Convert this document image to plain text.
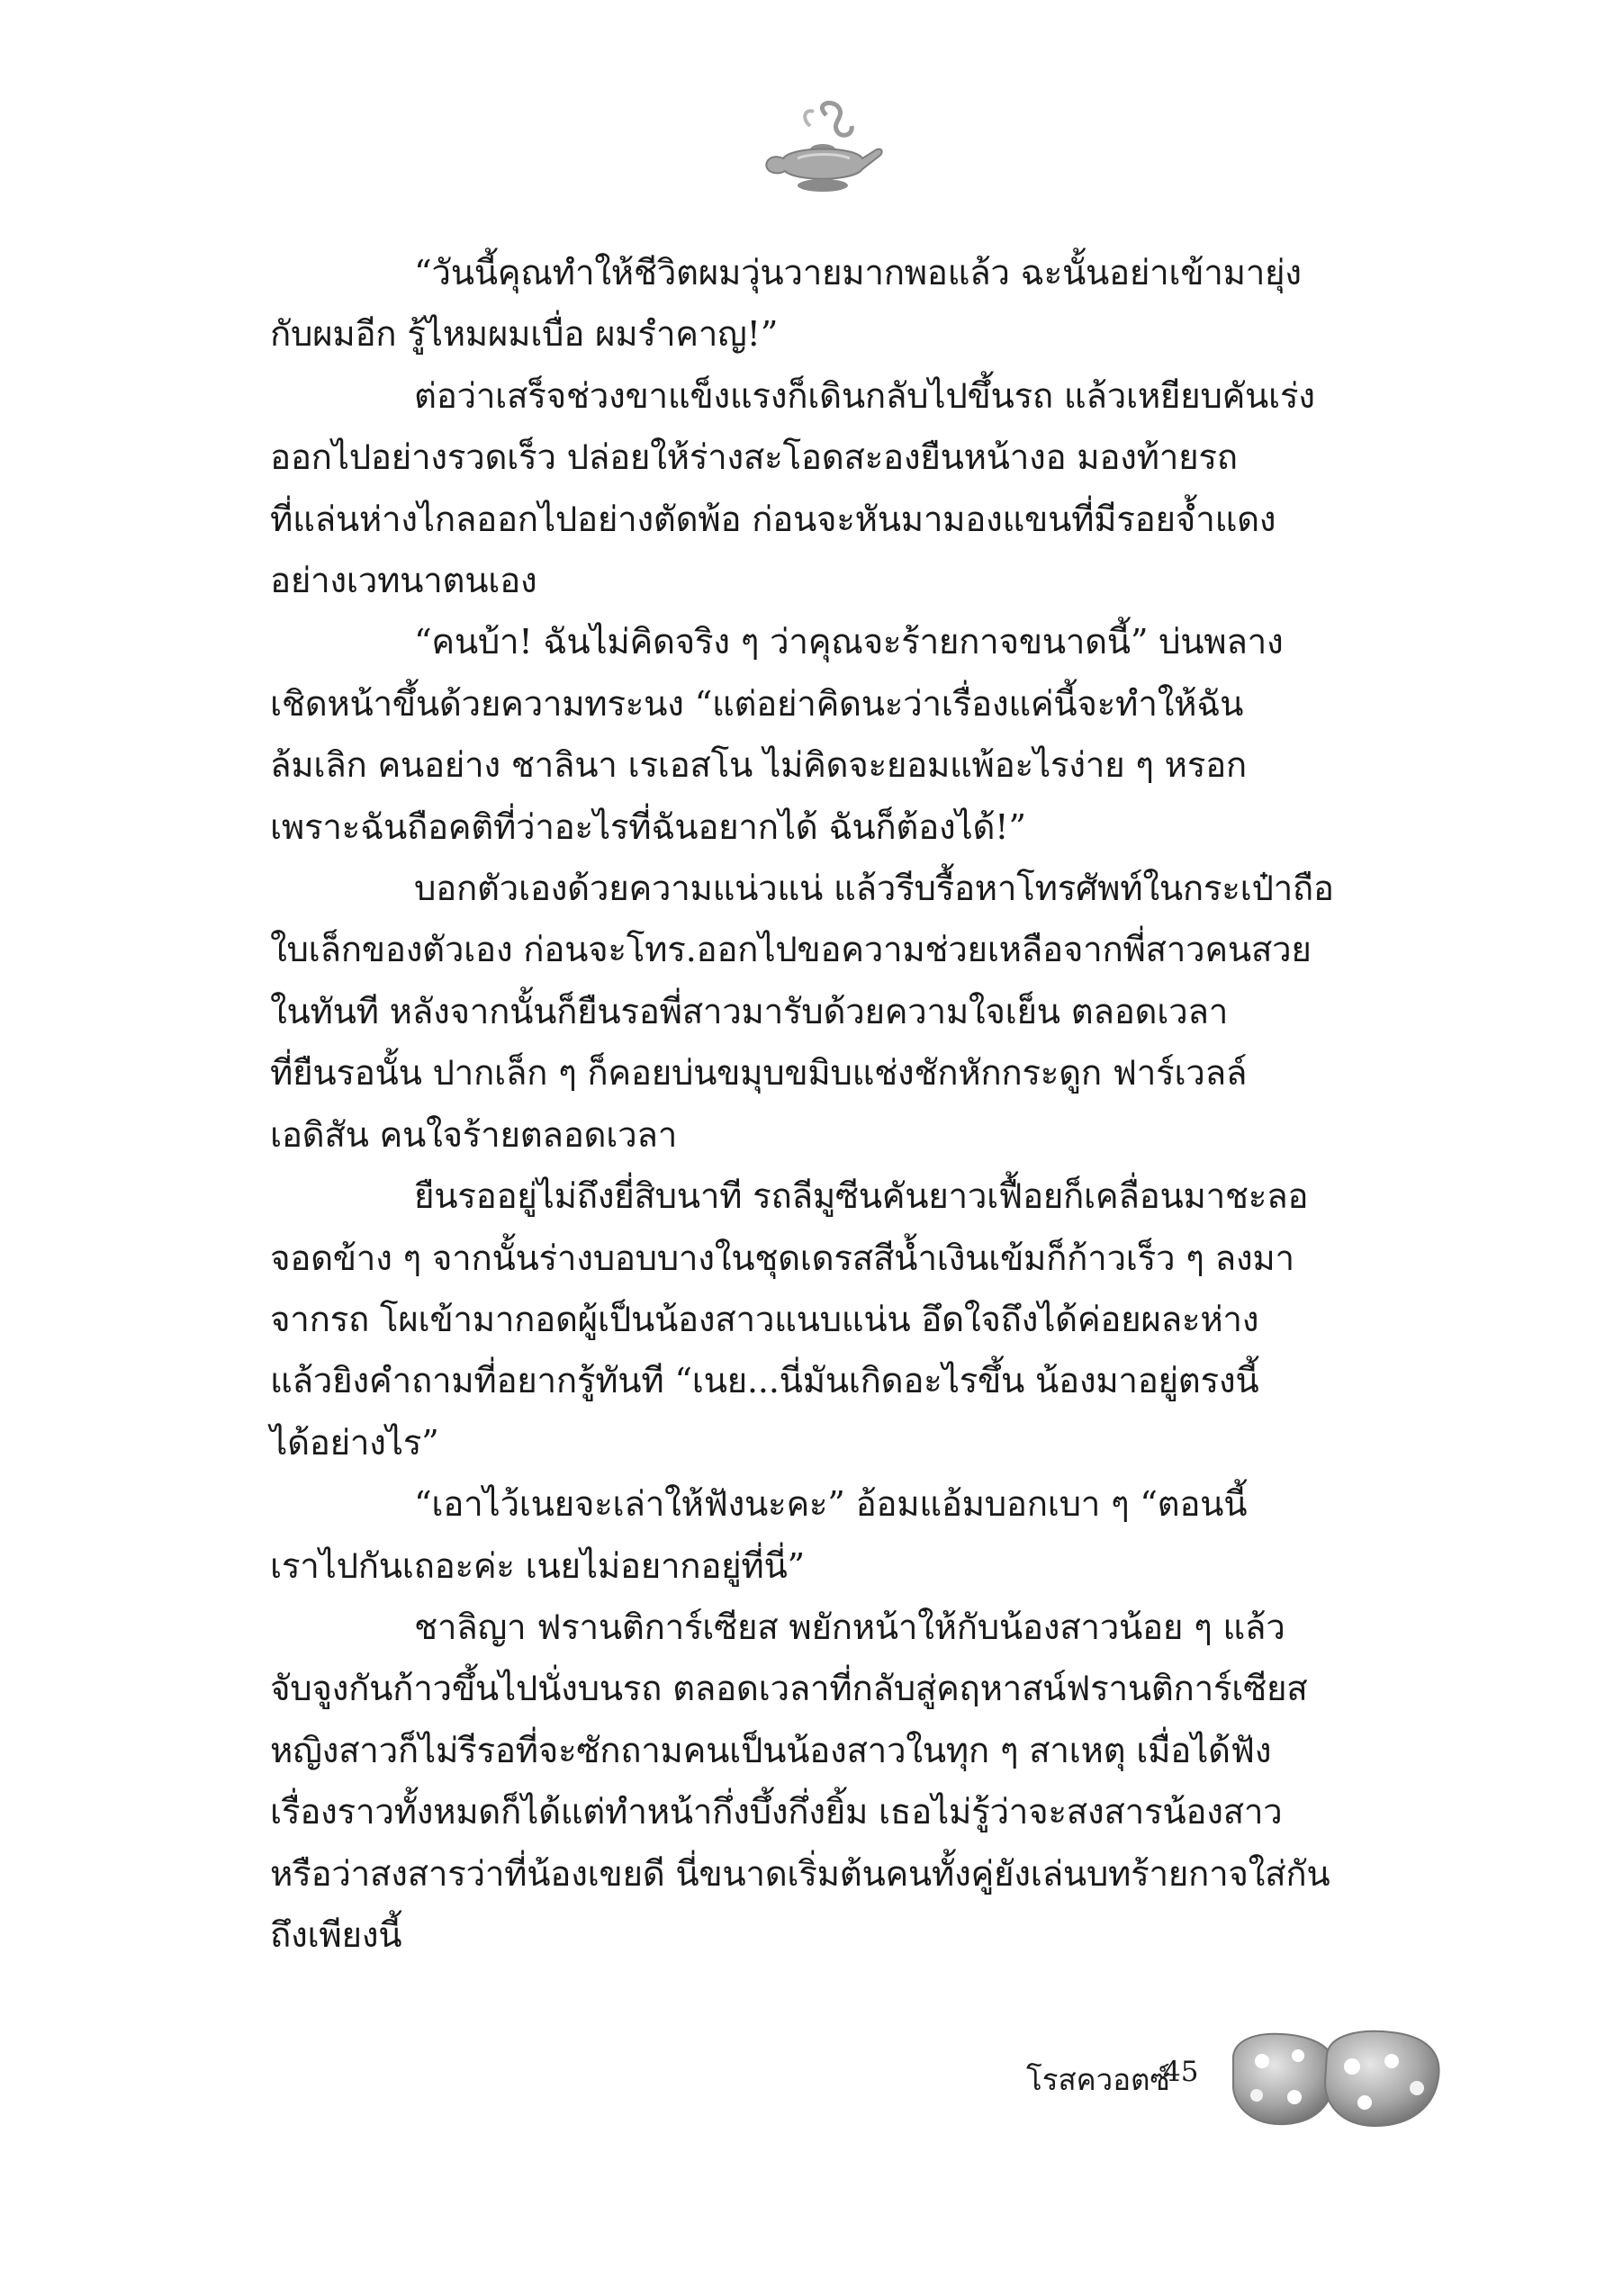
“วันนี้คุณทำให้ชีวิตผมวุ่นวายมากพอแล้ว ฉะนั้นอย่าเข้ามายุ่ง
กับผมอีก รู้ไหมผมเบื่อ ผมรำคาญ!”
ต่อว่าเสร็จช่วงขาแข็งแรงก็เดินกลับไปขึ้นรถ แล้วเหยียบคันเร่ง
ออกไปอย่างรวดเร็ว ปล่อยให้ร่างสะโอดสะองยืนหน้างอ มองท้ายรถ
ที่แล่นห่างไกลออกไปอย่างตัดพ้อ ก่อนจะหันมามองแขนที่มีรอยจ้ำแดง
อย่างเวทนาตนเอง
“คนบ้า! ฉันไม่คิดจริง ๆ ว่าคุณจะร้ายกาจขนาดนี้” บ่นพลาง
เชิดหน้าขึ้นด้วยความทระนง “แต่อย่าคิดนะว่าเรื่องแค่นี้จะทำให้ฉัน
ล้มเลิก คนอย่าง ชาลินา เรเอสโน ไม่คิดจะยอมแพ้อะไรง่าย ๆ หรอก
เพราะฉันถือคติที่ว่าอะไรที่ฉันอยากได้ ฉันก็ต้องได้!”
บอกตัวเองด้วยความแน่วแน่ แล้วรีบรื้อหาโทรศัพท์ในกระเป๋าถือ
ใบเล็กของตัวเอง ก่อนจะโทร.ออกไปขอความช่วยเหลือจากพี่สาวคนสวย
ในทันที หลังจากนั้นก็ยืนรอพี่สาวมารับด้วยความใจเย็น ตลอดเวลา
ที่ยืนรอนั้น ปากเล็ก ๆ ก็คอยบ่นขมุบขมิบแช่งชักหักกระดูก ฟาร์เวลล์
เอดิสัน คนใจร้ายตลอดเวลา
ยืนรออยู่ไม่ถึงยี่สิบนาที รถลีมูซีนคันยาวเฟื้อยก็เคลื่อนมาชะลอ
จอดข้าง ๆ จากนั้นร่างบอบบางในชุดเดรสสีน้ำเงินเข้มก็ก้าวเร็ว ๆ ลงมา
จากรถ โผเข้ามากอดผู้เป็นน้องสาวแนบแน่น อึดใจถึงได้ค่อยผละห่าง
แล้วยิงคำถามที่อยากรู้ทันที “เนย...นี่มันเกิดอะไรขึ้น น้องมาอยู่ตรงนี้
ได้อย่างไร”
“เอาไว้เนยจะเล่าให้ฟังนะคะ” อ้อมแอ้มบอกเบา ๆ “ตอนนี้
เราไปกันเถอะค่ะ เนยไม่อยากอยู่ที่นี่”
ชาลิญา ฟรานติการ์เซียส พยักหน้าให้กับน้องสาวน้อย ๆ แล้ว
จับจูงกันก้าวขึ้นไปนั่งบนรถ ตลอดเวลาที่กลับสู่คฤหาสน์ฟรานติการ์เซียส
หญิงสาวก็ไม่รีรอที่จะซักถามคนเป็นน้องสาวในทุก ๆ สาเหตุ เมื่อได้ฟัง
เรื่องราวทั้งหมดก็ได้แต่ทำหน้ากึ่งบึ้งกึ่งยิ้ม เธอไม่รู้ว่าจะสงสารน้องสาว
หรือว่าสงสารว่าที่น้องเขยดี นี่ขนาดเริ่มต้นคนทั้งคู่ยังเล่นบทร้ายกาจใส่กัน
ถึงเพียงนี้
โรสควอตซ์
45
